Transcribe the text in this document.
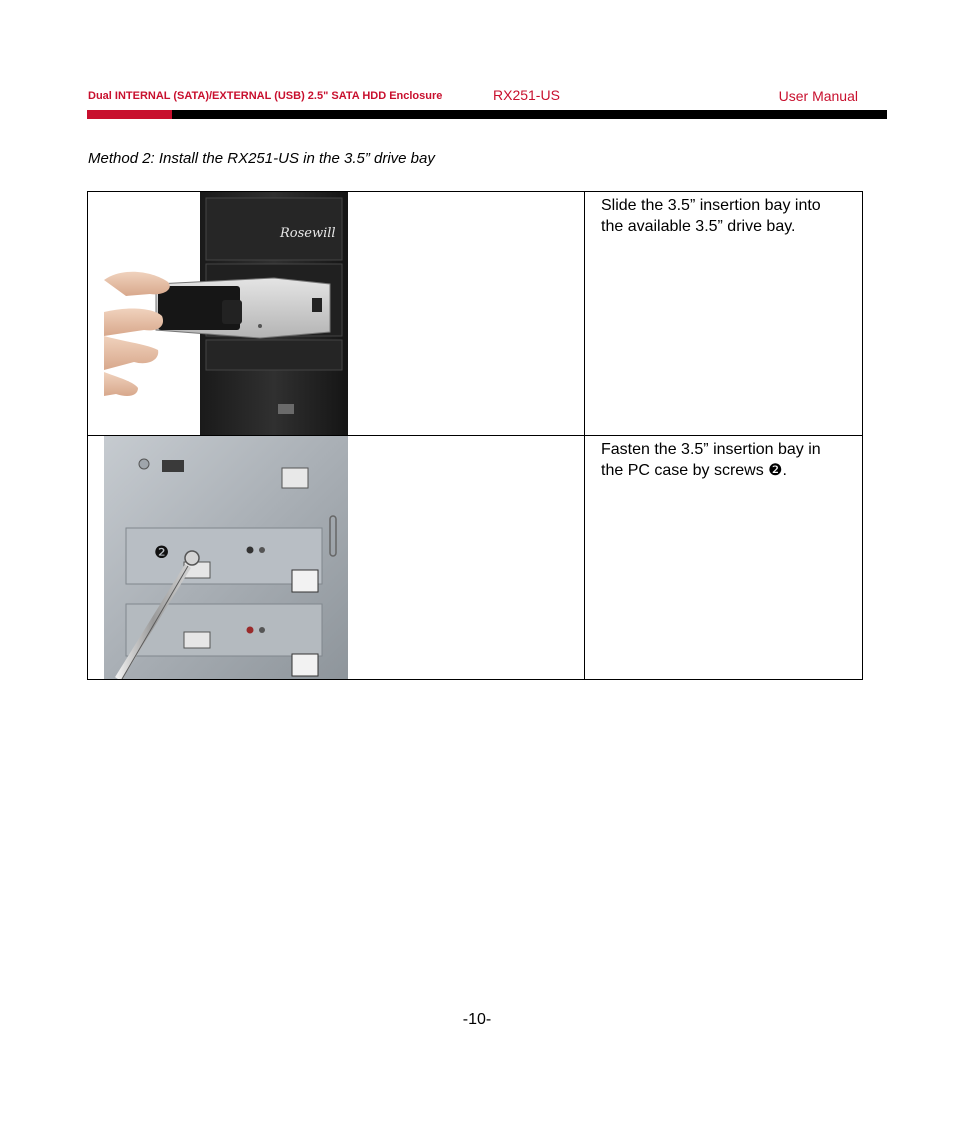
Dual INTERNAL (SATA)/EXTERNAL (USB) 2.5" SATA HDD Enclosure	RX251-US	User Manual
Method 2: Install the RX251-US in the 3.5” drive bay
Rosewill	Slide the 3.5” insertion bay into the available 3.5” drive bay.

❷	Fasten the 3.5” insertion bay in the PC case by screws ❷.
-10-
